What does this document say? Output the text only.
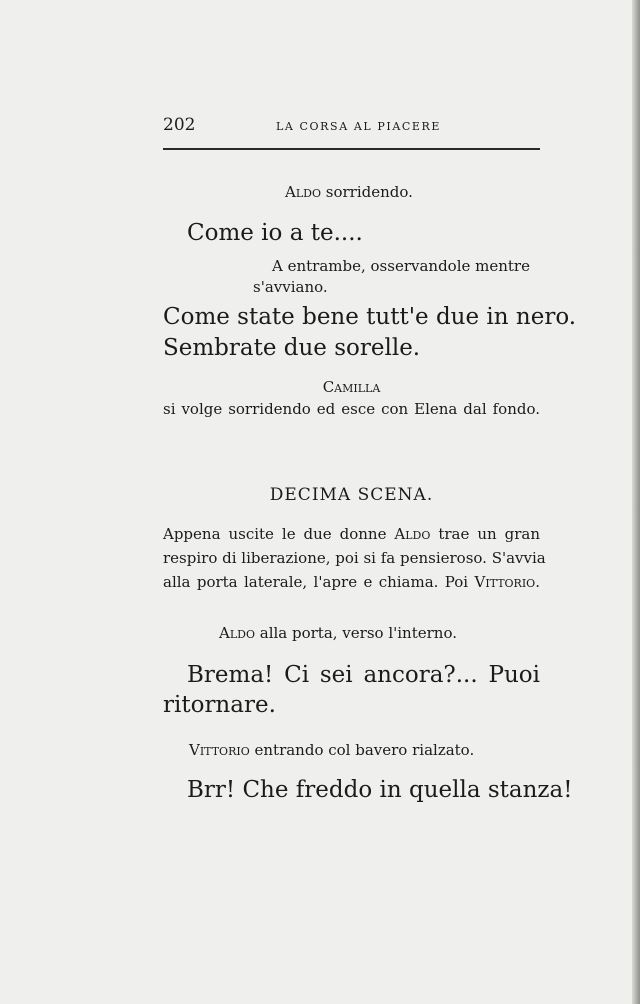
202	LA CORSA AL PIACERE
Aldo sorridendo.
Come io a te....
A entrambe, osservandole mentre
s'avviano.
Come state bene tutt'e due in nero.
Sembrate due sorelle.
Camilla
si volge sorridendo ed esce con Elena dal fondo.
DECIMA SCENA.
Appena uscite le due donne Aldo trae un gran
respiro di liberazione, poi si fa pensieroso. S'avvia
alla porta laterale, l'apre e chiama. Poi Vittorio.
Aldo alla porta, verso l'interno.
Brema! Ci sei ancora?... Puoi
ritornare.
Vittorio entrando col bavero rialzato.
Brr! Che freddo in quella stanza!
